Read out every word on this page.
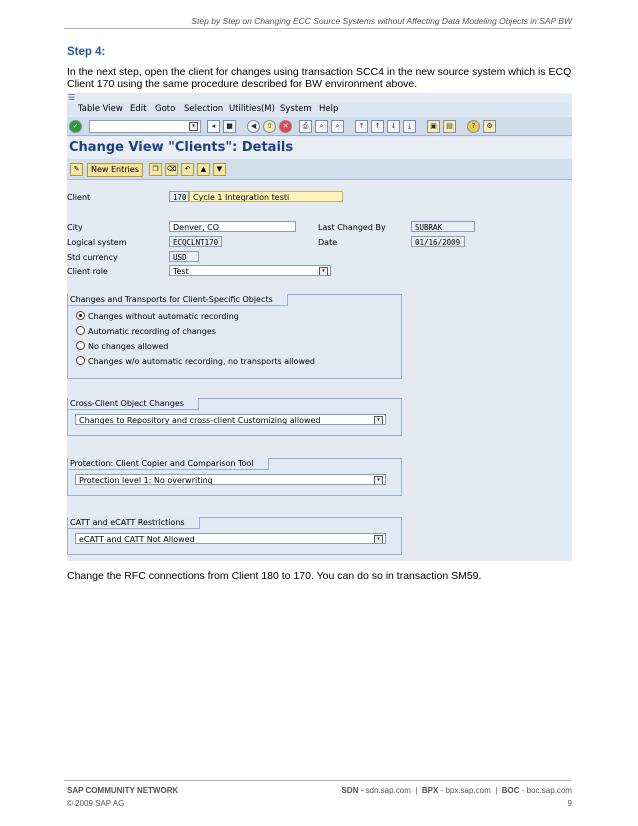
Step by Step on Changing ECC Source Systems without Affecting Data Modeling Objects in SAP BW
Step 4:
In the next step, open the client for changes using transaction SCC4 in the new source system which is ECQ Client 170 using the same procedure described for BW environment above.
☰
Table View Edit Goto Selection Utilities(M) System Help
✓	▾	◂	■	◀	⇧	✕	⎙	⌕	⌕	⤒	↑	↓	⤓	▣	▤	?	⚙
Change View "Clients": Details
✎	New Entries	❐	⌫	↶	▲	▼
Client	170 Cycle 1 Integration testi
City	Denver, CO	Last Changed By	SUBRAK
Logical system	ECQCLNT170	Date	01/16/2009
Std currency	USD
Client role	Test	▾
Changes and Transports for Client-Specific Objects
Changes without automatic recording
Automatic recording of changes
No changes allowed
Changes w/o automatic recording, no transports allowed
Cross-Client Object Changes
Changes to Repository and cross-client Customizing allowed	▾
Protection: Client Copier and Comparison Tool
Protection level 1: No overwriting	▾
CATT and eCATT Restrictions
eCATT and CATT Not Allowed	▾
Change the RFC connections from Client 180 to 170. You can do so in transaction SM59.
SAP COMMUNITY NETWORK	SDN - sdn.sap.com  |  BPX - bpx.sap.com  |  BOC - boc.sap.com
© 2009 SAP AG	9
